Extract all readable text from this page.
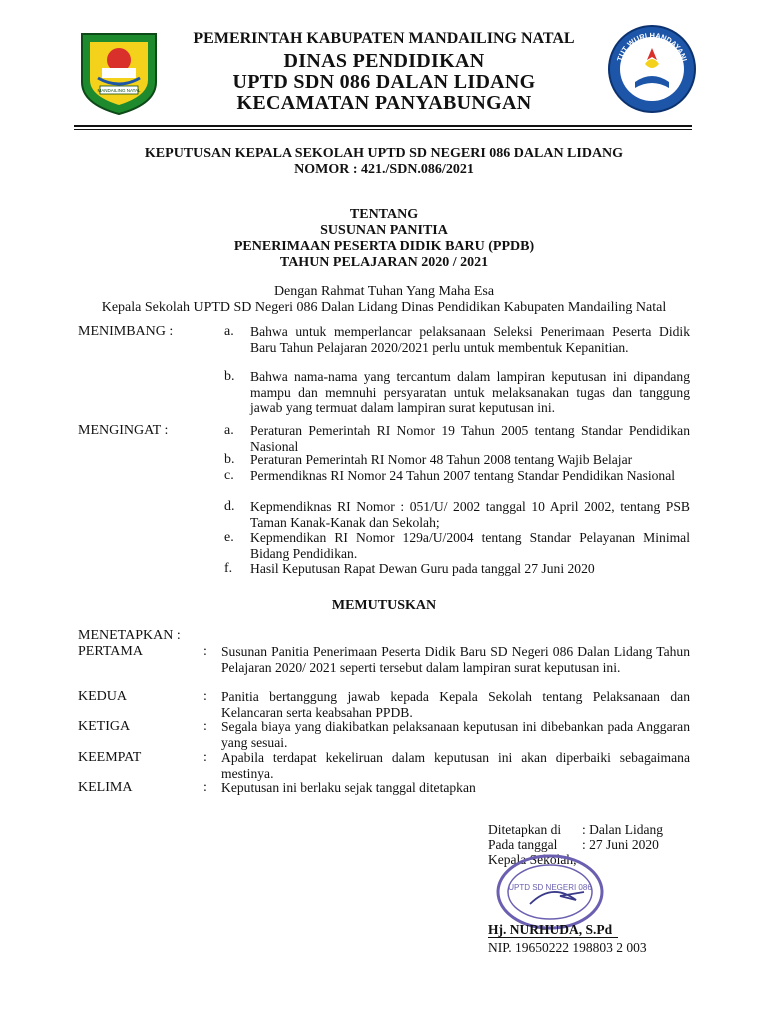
MANDAILING NATAL
PEMERINTAH KABUPATEN MANDAILING NATAL
DINAS PENDIDIKAN
UPTD SDN 086 DALAN LIDANG
KECAMATAN PANYABUNGAN
TUT WURI HANDAYANI
KEPUTUSAN KEPALA SEKOLAH UPTD SD NEGERI 086 DALAN LIDANG
NOMOR : 421./SDN.086/2021
TENTANG
SUSUNAN PANITIA
PENERIMAAN PESERTA DIDIK BARU (PPDB)
TAHUN PELAJARAN 2020 / 2021
Dengan Rahmat Tuhan Yang Maha Esa
Kepala Sekolah UPTD SD Negeri 086 Dalan Lidang Dinas Pendidikan Kabupaten Mandailing Natal
MENIMBANG :	a. Bahwa untuk memperlancar pelaksanaan Seleksi Penerimaan Peserta Didik Baru Tahun Pelajaran 2020/2021 perlu untuk membentuk Kepanitian.
b. Bahwa nama-nama yang tercantum dalam lampiran keputusan ini dipandang mampu dan memnuhi persyaratan untuk melaksanakan tugas dan tanggung jawab yang termuat dalam lampiran surat keputusan ini.
MENGINGAT :	a. Peraturan Pemerintah RI Nomor 19 Tahun 2005 tentang Standar Pendidikan Nasional
b. Peraturan Pemerintah RI Nomor 48 Tahun 2008 tentang Wajib Belajar
c. Permendiknas RI Nomor 24 Tahun 2007 tentang Standar Pendidikan Nasional
d. Kepmendiknas RI Nomor : 051/U/ 2002 tanggal 10 April 2002, tentang PSB Taman Kanak-Kanak dan Sekolah;
e. Kepmendikan RI Nomor 129a/U/2004 tentang Standar Pelayanan Minimal Bidang Pendidikan.
f. Hasil Keputusan Rapat Dewan Guru pada tanggal 27 Juni 2020
MEMUTUSKAN
MENETAPKAN :
PERTAMA	: Susunan Panitia Penerimaan Peserta Didik Baru SD Negeri 086 Dalan Lidang Tahun Pelajaran 2020/ 2021 seperti tersebut dalam lampiran surat keputusan ini.
KEDUA	: Panitia bertanggung jawab kepada Kepala Sekolah tentang Pelaksanaan dan Kelancaran serta keabsahan PPDB.
KETIGA	: Segala biaya yang diakibatkan pelaksanaan keputusan ini dibebankan pada Anggaran yang sesuai.
KEEMPAT	: Apabila terdapat kekeliruan dalam keputusan ini akan diperbaiki sebagaimana mestinya.
KELIMA	: Keputusan ini berlaku sejak tanggal ditetapkan
Ditetapkan di : Dalan Lidang
Pada tanggal : 27 Juni 2020
Kepala Sekolah,
UPTD SD NEGERI 086
Hj. NURHUDA, S.Pd
NIP. 19650222 198803 2 003
